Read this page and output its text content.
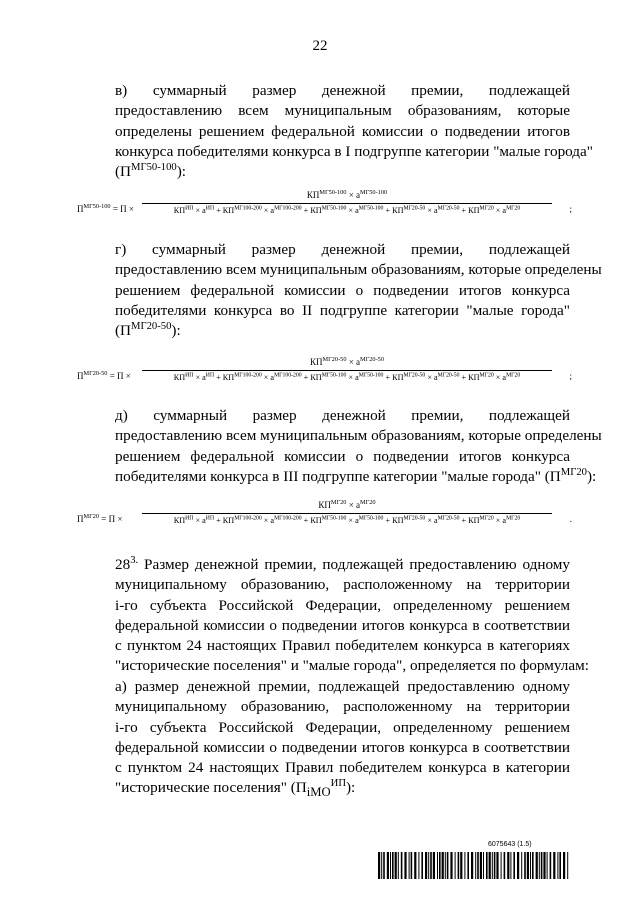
22
в) суммарный размер денежной премии, подлежащей
предоставлению всем муниципальным образованиям, которые
определены решением федеральной комиссии о подведении итогов
конкурса победителями конкурса в I подгруппе категории "малые города"
$(П^{МГ50-100})$:
$П^{МГ50-100} = П$ ×
$КП^{МГ50-100} \times a^{МГ50-100}$
$КП^{ИП} \times a^{ИП} + КП^{МГ100-200} \times a^{МГ100-200} + КП^{МГ50-100} \times a^{МГ50-100} + КП^{МГ20-50} \times a^{МГ20-50} + КП^{МГ20} \times a^{МГ20}$	;
г) суммарный размер денежной премии, подлежащей
предоставлению всем муниципальным образованиям, которые определены
решением федеральной комиссии о подведении итогов конкурса
победителями конкурса во II подгруппе категории "малые города"
$(П^{МГ20-50})$:
$П^{МГ20-50} = П$ ×
$КП^{МГ20-50} \times a^{МГ20-50}$
$КП^{ИП} \times a^{ИП} + КП^{МГ100-200} \times a^{МГ100-200} + КП^{МГ50-100} \times a^{МГ50-100} + КП^{МГ20-50} \times a^{МГ20-50} + КП^{МГ20} \times a^{МГ20}$	;
д) суммарный размер денежной премии, подлежащей
предоставлению всем муниципальным образованиям, которые определены
решением федеральной комиссии о подведении итогов конкурса
победителями конкурса в III подгруппе категории "малые города" $(П^{МГ20})$:
$П^{МГ20} = П$ ×
$КП^{МГ20} \times a^{МГ20}$
$КП^{ИП} \times a^{ИП} + КП^{МГ100-200} \times a^{МГ100-200} + КП^{МГ50-100} \times a^{МГ50-100} + КП^{МГ20-50} \times a^{МГ20-50} + КП^{МГ20} \times a^{МГ20}$	.
$28^{3.}$ Размер денежной премии, подлежащей предоставлению одному
муниципальному образованию, расположенному на территории
i-го субъекта Российской Федерации, определенному решением
федеральной комиссии о подведении итогов конкурса в соответствии
с пунктом 24 настоящих Правил победителем конкурса в категориях
"исторические поселения" и "малые города", определяется по формулам:
а) размер денежной премии, подлежащей предоставлению одному
муниципальному образованию, расположенному на территории
i-го субъекта Российской Федерации, определенному решением
федеральной комиссии о подведении итогов конкурса в соответствии
с пунктом 24 настоящих Правил победителем конкурса в категории
"исторические поселения" $(П_{iМО}^{ИП})$:
6075643 (1.5)
